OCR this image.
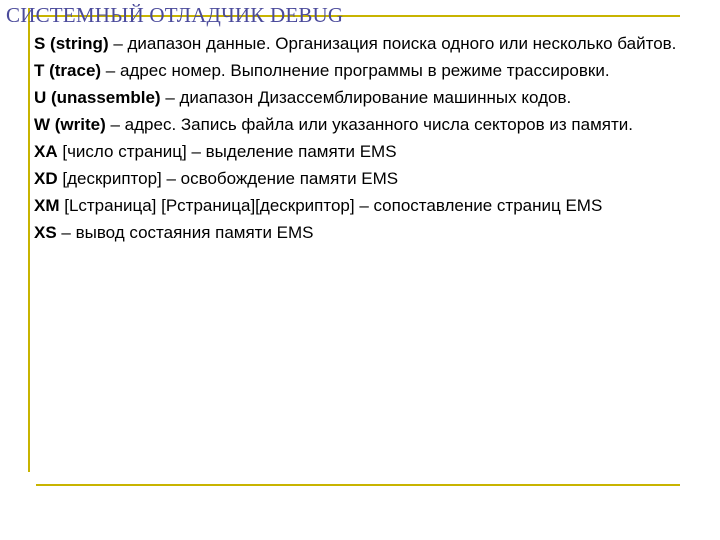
СИСТЕМНЫЙ ОТЛАДЧИК DEBUG
S (string) – диапазон данные. Организация поиска одного или несколько байтов.
T (trace) – адрес номер. Выполнение программы в режиме трассировки.
U (unassemble) – диапазон Дизассемблирование машинных кодов.
W (write) – адрес. Запись файла или указанного числа секторов из памяти.
XA [число страниц] – выделение памяти EMS
XD [дескриптор] – освобождение памяти EMS
XM [Lстраница] [Pстраница][дескриптор] – сопоставление страниц EMS
XS – вывод состаяния памяти EMS
